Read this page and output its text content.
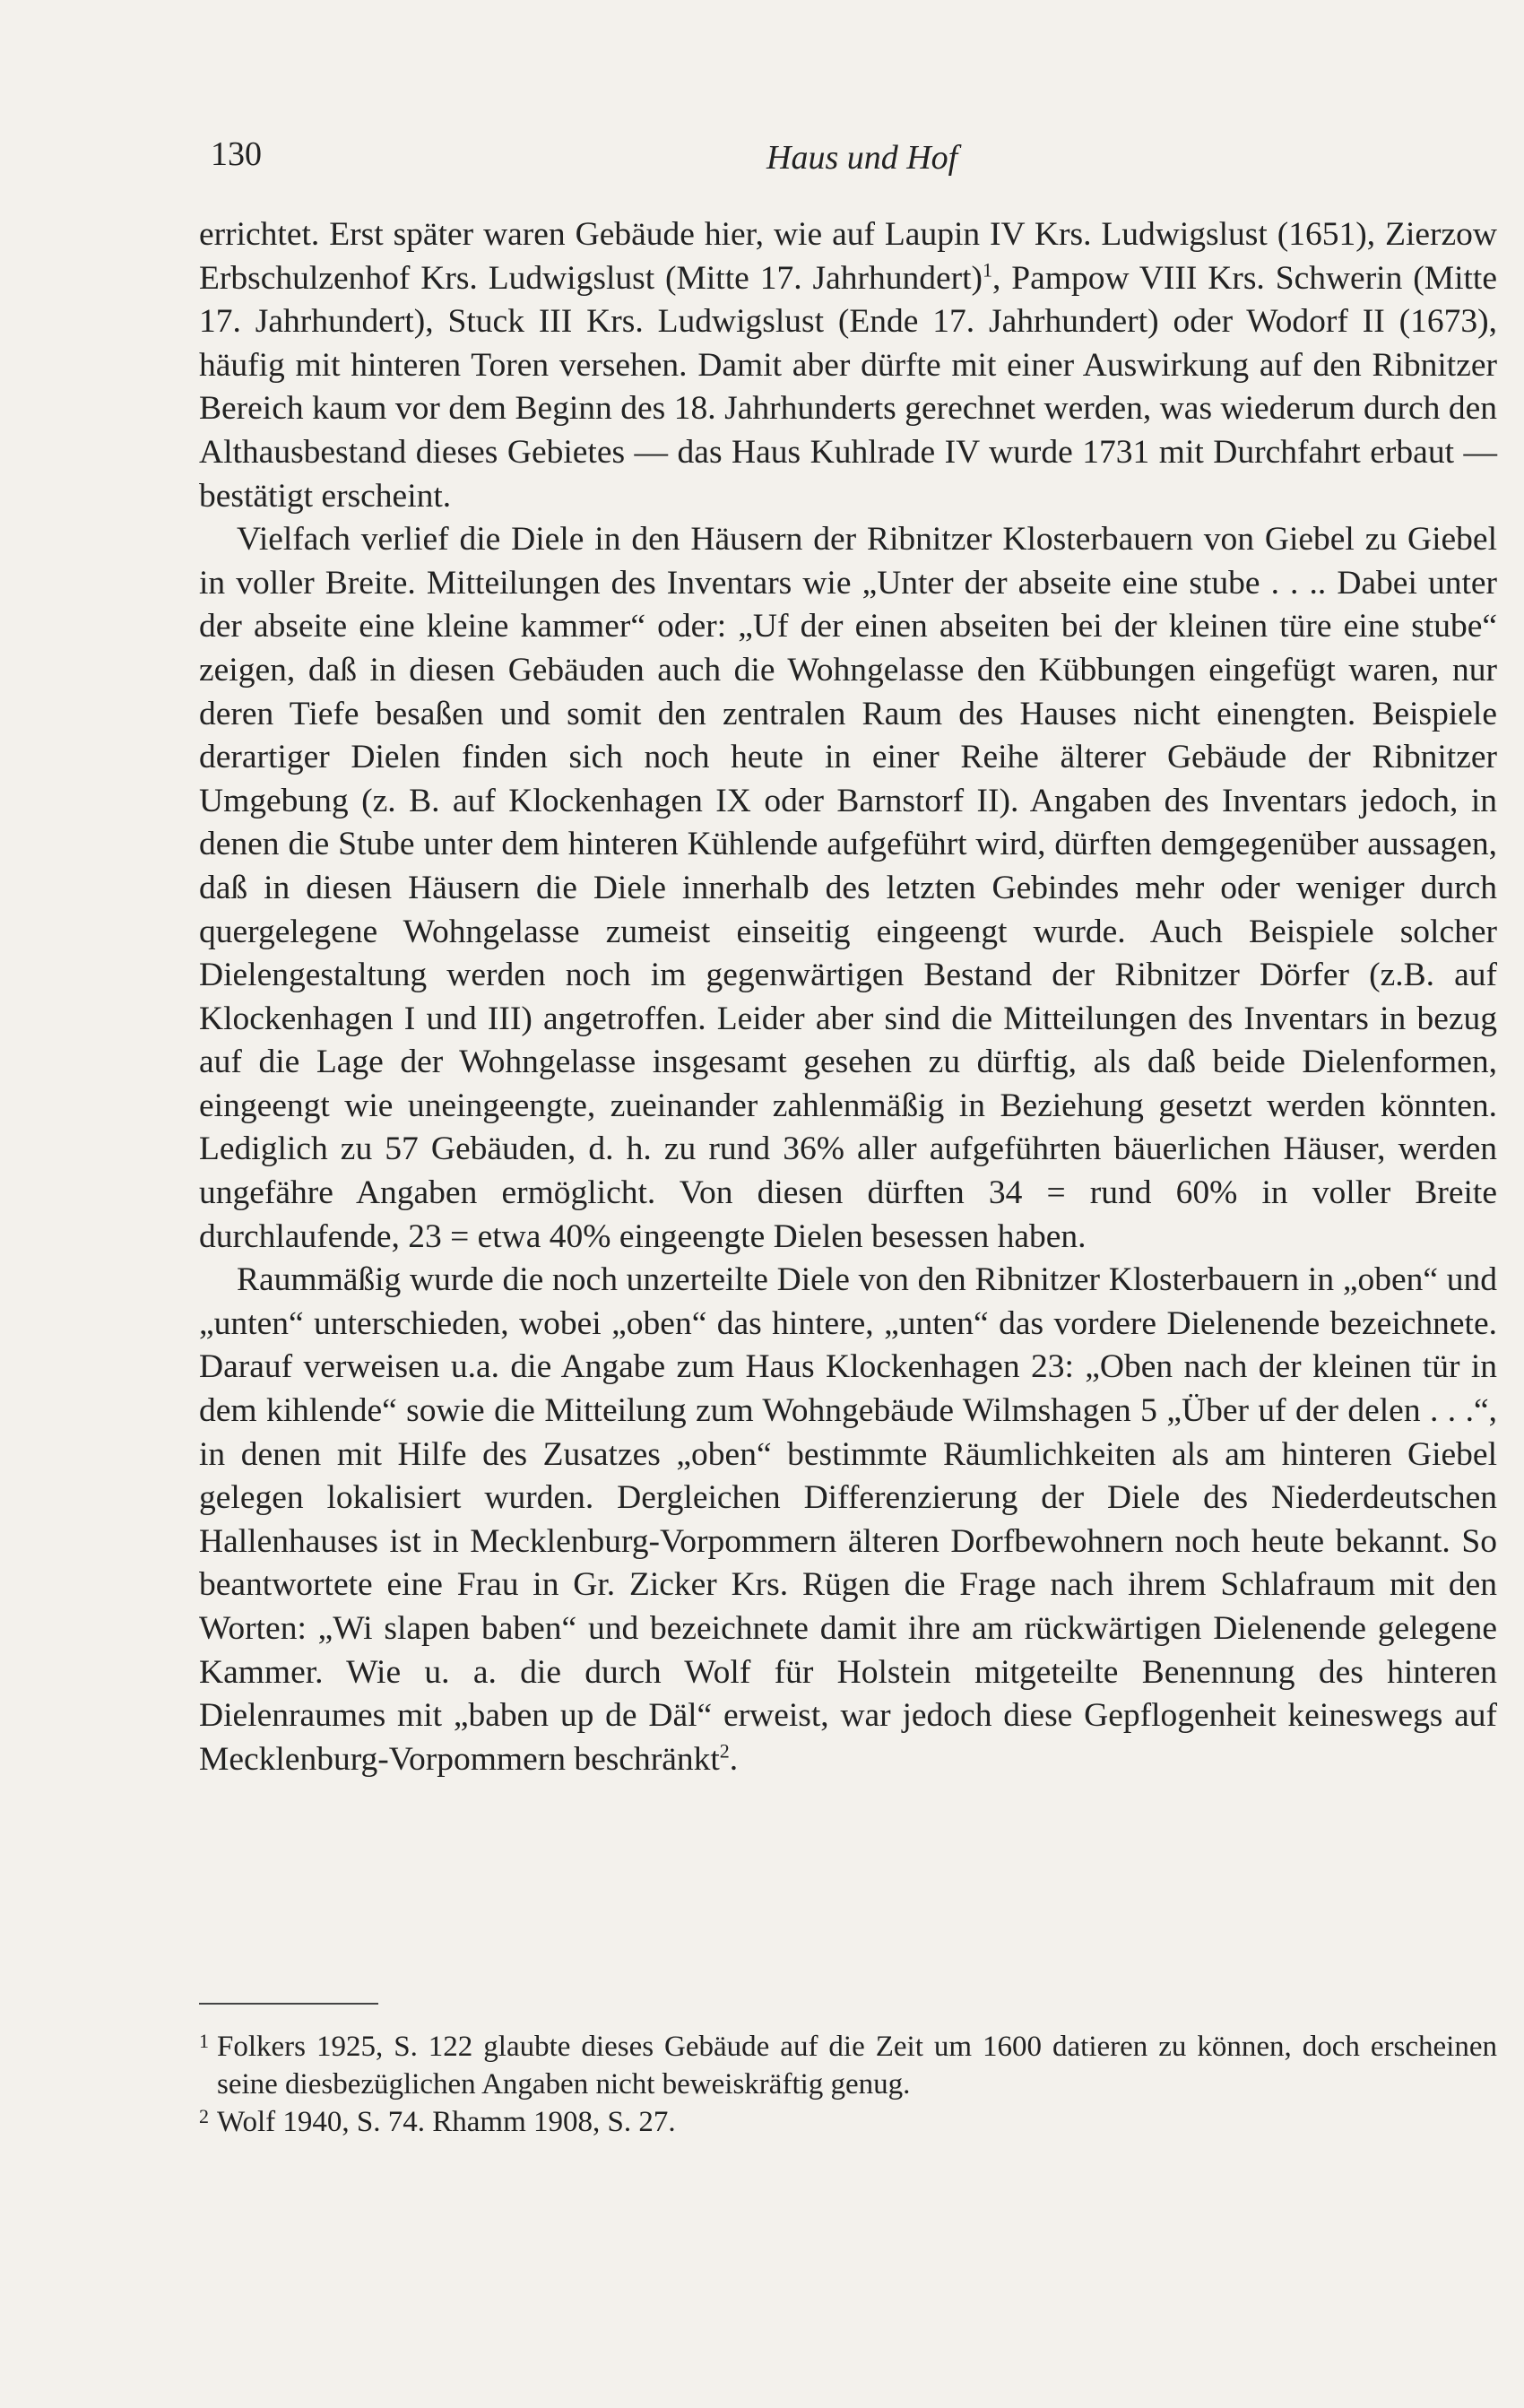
130	Haus und Hof

errichtet. Erst später waren Gebäude hier, wie auf Laupin IV Krs. Ludwigslust (1651), Zierzow Erbschulzenhof Krs. Ludwigslust (Mitte 17. Jahrhundert)$^1$, Pampow VIII Krs. Schwerin (Mitte 17. Jahrhundert), Stuck III Krs. Ludwigslust (Ende 17. Jahrhundert) oder Wodorf II (1673), häufig mit hinteren Toren versehen. Damit aber dürfte mit einer Auswirkung auf den Ribnitzer Bereich kaum vor dem Beginn des 18. Jahrhunderts gerechnet werden, was wiederum durch den Althausbestand dieses Gebietes — das Haus Kuhlrade IV wurde 1731 mit Durchfahrt erbaut — bestätigt erscheint.

Vielfach verlief die Diele in den Häusern der Ribnitzer Klosterbauern von Giebel zu Giebel in voller Breite. Mitteilungen des Inventars wie „Unter der abseite eine stube . . .. Dabei unter der abseite eine kleine kammer“ oder: „Uf der einen abseiten bei der kleinen türe eine stube“ zeigen, daß in diesen Gebäuden auch die Wohngelasse den Kübbungen eingefügt waren, nur deren Tiefe besaßen und somit den zentralen Raum des Hauses nicht einengten. Beispiele derartiger Dielen finden sich noch heute in einer Reihe älterer Gebäude der Ribnitzer Umgebung (z. B. auf Klockenhagen IX oder Barnstorf II). Angaben des Inventars jedoch, in denen die Stube unter dem hinteren Kühlende aufgeführt wird, dürften demgegenüber aussagen, daß in diesen Häusern die Diele innerhalb des letzten Gebindes mehr oder weniger durch quergelegene Wohngelasse zumeist einseitig eingeengt wurde. Auch Beispiele solcher Dielengestaltung werden noch im gegenwärtigen Bestand der Ribnitzer Dörfer (z.B. auf Klockenhagen I und III) angetroffen. Leider aber sind die Mitteilungen des Inventars in bezug auf die Lage der Wohngelasse insgesamt gesehen zu dürftig, als daß beide Dielenformen, eingeengt wie uneingeengte, zueinander zahlenmäßig in Beziehung gesetzt werden könnten. Lediglich zu 57 Gebäuden, d. h. zu rund 36% aller aufgeführten bäuerlichen Häuser, werden ungefähre Angaben ermöglicht. Von diesen dürften 34 = rund 60% in voller Breite durchlaufende, 23 = etwa 40% eingeengte Dielen besessen haben.

Raummäßig wurde die noch unzerteilte Diele von den Ribnitzer Klosterbauern in „oben“ und „unten“ unterschieden, wobei „oben“ das hintere, „unten“ das vordere Dielenende bezeichnete. Darauf verweisen u.a. die Angabe zum Haus Klockenhagen 23: „Oben nach der kleinen tür in dem kihlende“ sowie die Mitteilung zum Wohngebäude Wilmshagen 5 „Über uf der delen . . .“, in denen mit Hilfe des Zusatzes „oben“ bestimmte Räumlichkeiten als am hinteren Giebel gelegen lokalisiert wurden. Dergleichen Differenzierung der Diele des Niederdeutschen Hallenhauses ist in Mecklenburg-Vorpommern älteren Dorfbewohnern noch heute bekannt. So beantwortete eine Frau in Gr. Zicker Krs. Rügen die Frage nach ihrem Schlafraum mit den Worten: „Wi slapen baben“ und bezeichnete damit ihre am rückwärtigen Dielenende gelegene Kammer. Wie u. a. die durch Wolf für Holstein mitgeteilte Benennung des hinteren Dielenraumes mit „baben up de Däl“ erweist, war jedoch diese Gepflogenheit keineswegs auf Mecklenburg-Vorpommern beschränkt$^2$.

1 Folkers 1925, S. 122 glaubte dieses Gebäude auf die Zeit um 1600 datieren zu können, doch erscheinen seine diesbezüglichen Angaben nicht beweiskräftig genug.

2 Wolf 1940, S. 74. Rhamm 1908, S. 27.
